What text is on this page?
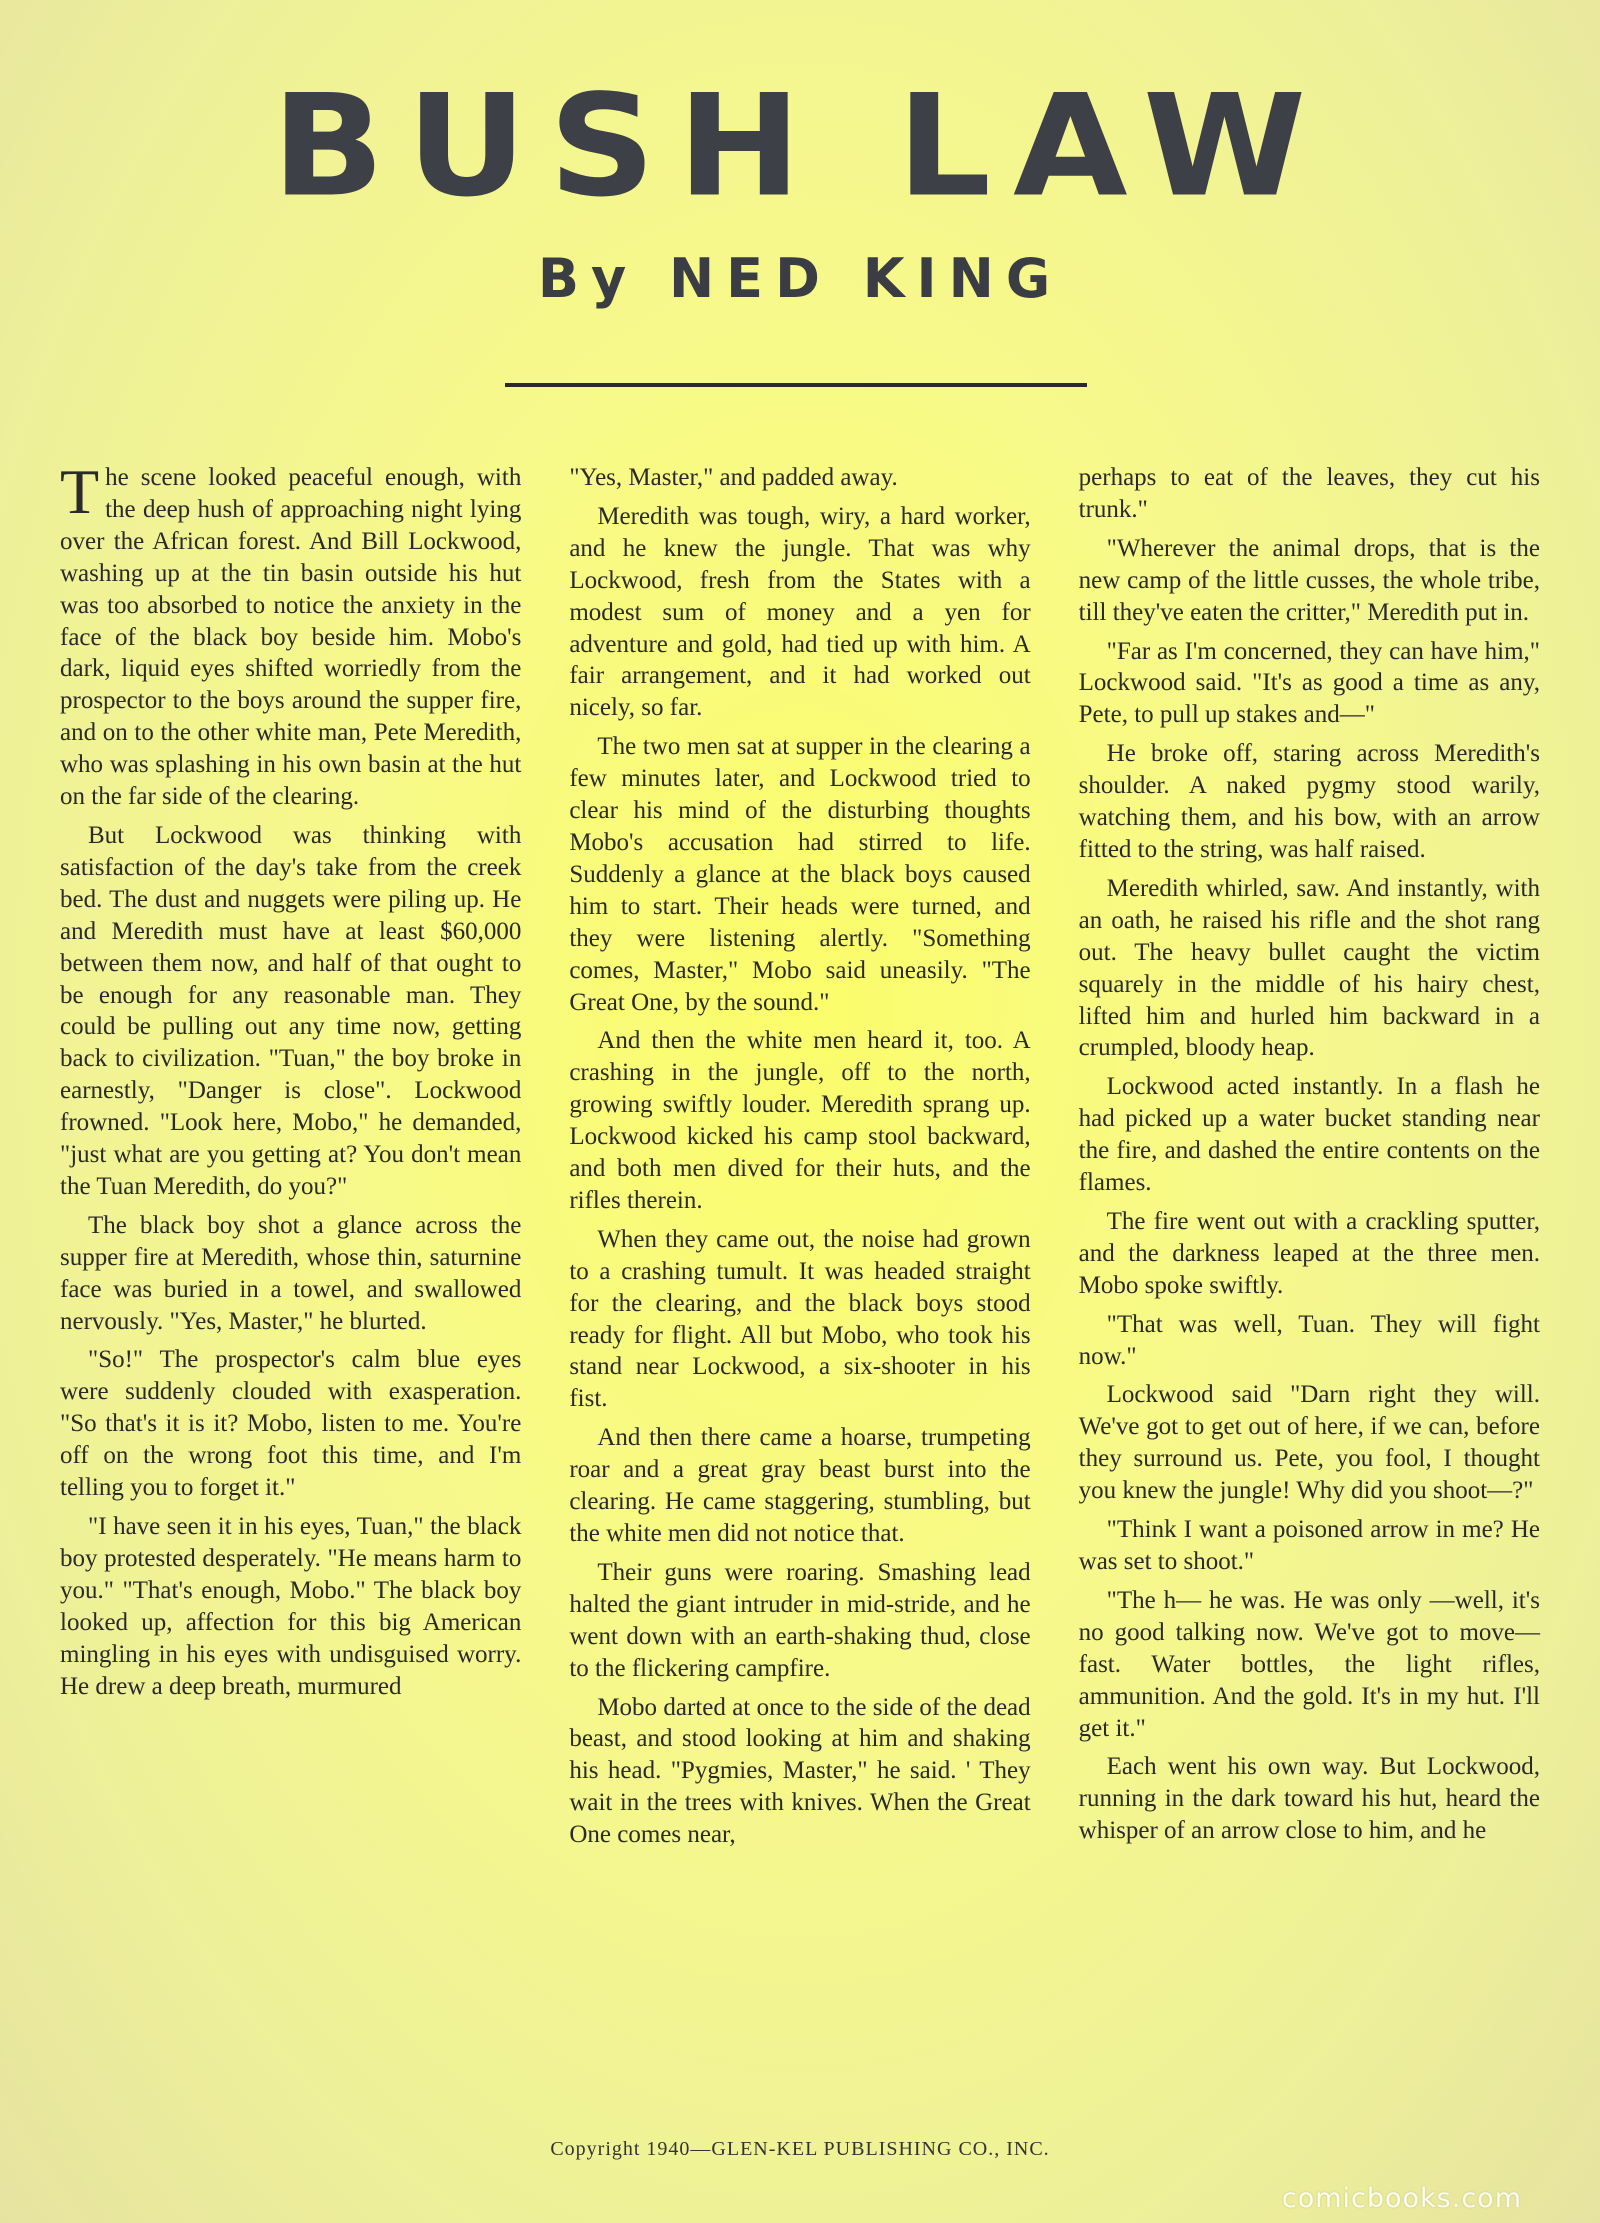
BUSH LAW
By NED KING

The scene looked peaceful enough, with the deep hush of approaching night lying over the African forest. And Bill Lockwood, washing up at the tin basin outside his hut was too absorbed to notice the anxiety in the face of the black boy beside him. Mobo's dark, liquid eyes shifted worriedly from the prospector to the boys around the supper fire, and on to the other white man, Pete Meredith, who was splashing in his own basin at the hut on the far side of the clearing.

But Lockwood was thinking with satisfaction of the day's take from the creek bed. The dust and nuggets were piling up. He and Meredith must have at least $60,000 between them now, and half of that ought to be enough for any reasonable man. They could be pulling out any time now, getting back to civilization. "Tuan," the boy broke in earnestly, "Danger is close". Lockwood frowned. "Look here, Mobo," he demanded, "just what are you getting at? You don't mean the Tuan Meredith, do you?"

The black boy shot a glance across the supper fire at Meredith, whose thin, saturnine face was buried in a towel, and swallowed nervously. "Yes, Master," he blurted.

"So!" The prospector's calm blue eyes were suddenly clouded with exasperation. "So that's it is it? Mobo, listen to me. You're off on the wrong foot this time, and I'm telling you to forget it."

"I have seen it in his eyes, Tuan," the black boy protested desperately. "He means harm to you." "That's enough, Mobo." The black boy looked up, affection for this big American mingling in his eyes with undisguised worry. He drew a deep breath, murmured

"Yes, Master," and padded away.

Meredith was tough, wiry, a hard worker, and he knew the jungle. That was why Lockwood, fresh from the States with a modest sum of money and a yen for adventure and gold, had tied up with him. A fair arrangement, and it had worked out nicely, so far.

The two men sat at supper in the clearing a few minutes later, and Lockwood tried to clear his mind of the disturbing thoughts Mobo's accusation had stirred to life. Suddenly a glance at the black boys caused him to start. Their heads were turned, and they were listening alertly. "Something comes, Master," Mobo said uneasily. "The Great One, by the sound."

And then the white men heard it, too. A crashing in the jungle, off to the north, growing swiftly louder. Meredith sprang up. Lockwood kicked his camp stool backward, and both men dived for their huts, and the rifles therein.

When they came out, the noise had grown to a crashing tumult. It was headed straight for the clearing, and the black boys stood ready for flight. All but Mobo, who took his stand near Lockwood, a six-shooter in his fist.

And then there came a hoarse, trumpeting roar and a great gray beast burst into the clearing. He came staggering, stumbling, but the white men did not notice that.

Their guns were roaring. Smashing lead halted the giant intruder in mid-stride, and he went down with an earth-shaking thud, close to the flickering campfire.

Mobo darted at once to the side of the dead beast, and stood looking at him and shaking his head. "Pygmies, Master," he said. ' They wait in the trees with knives. When the Great One comes near,

perhaps to eat of the leaves, they cut his trunk."

"Wherever the animal drops, that is the new camp of the little cusses, the whole tribe, till they've eaten the critter," Meredith put in.

"Far as I'm concerned, they can have him," Lockwood said. "It's as good a time as any, Pete, to pull up stakes and—"

He broke off, staring across Meredith's shoulder. A naked pygmy stood warily, watching them, and his bow, with an arrow fitted to the string, was half raised.

Meredith whirled, saw. And instantly, with an oath, he raised his rifle and the shot rang out. The heavy bullet caught the victim squarely in the middle of his hairy chest, lifted him and hurled him backward in a crumpled, bloody heap.

Lockwood acted instantly. In a flash he had picked up a water bucket standing near the fire, and dashed the entire contents on the flames.

The fire went out with a crackling sputter, and the darkness leaped at the three men. Mobo spoke swiftly.

"That was well, Tuan. They will fight now."

Lockwood said "Darn right they will. We've got to get out of here, if we can, before they surround us. Pete, you fool, I thought you knew the jungle! Why did you shoot—?"

"Think I want a poisoned arrow in me? He was set to shoot."

"The h— he was. He was only —well, it's no good talking now. We've got to move—fast. Water bottles, the light rifles, ammunition. And the gold. It's in my hut. I'll get it."

Each went his own way. But Lockwood, running in the dark toward his hut, heard the whisper of an arrow close to him, and he

Copyright 1940—GLEN-KEL PUBLISHING CO., INC.
comicbooks.com
